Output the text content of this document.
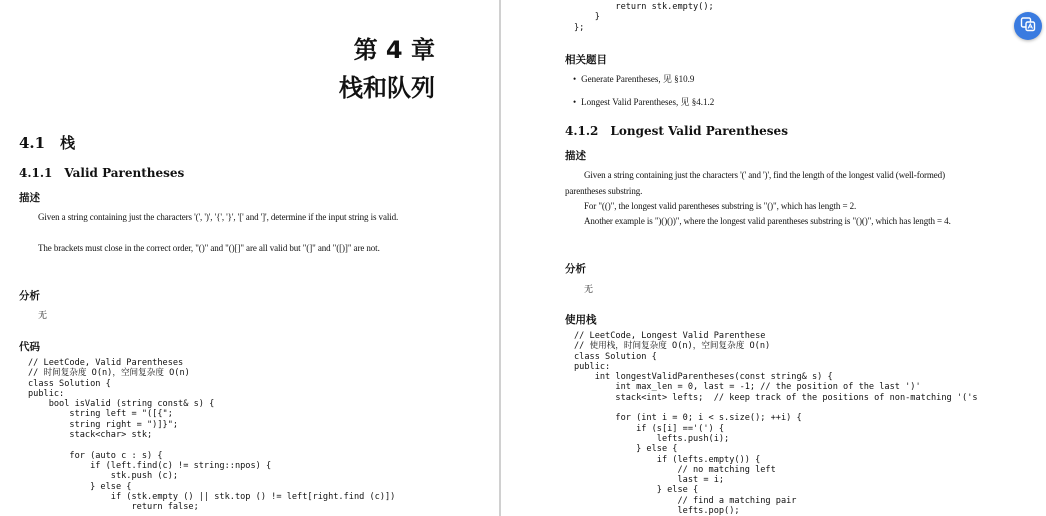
第 4 章
栈和队列
4.1　栈
4.1.1　Valid Parentheses
描述
Given a string containing just the characters '(', ')', '{', '}', '[' and ']', determine if the input string is valid.
The brackets must close in the correct order, "()" and "()[]" are all valid but "(]" and "([)]" are not.
分析
无
代码
// LeetCode, Valid Parentheses
// 时间复杂度 O(n)，空间复杂度 O(n)
class Solution {
public:
bool isValid (string const& s) {
string left = "([{";
string right = ")]}";
stack<char> stk;

for (auto c : s) {
if (left.find(c) != string::npos) {
stk.push (c);
} else {
if (stk.empty () || stk.top () != left[right.find (c)])
return false;
return stk.empty();
}
};
相关题目
• Generate Parentheses, 见 §10.9
• Longest Valid Parentheses, 见 §4.1.2
4.1.2　Longest Valid Parentheses
描述
Given a string containing just the characters '(' and ')', find the length of the longest valid (well-formed) parentheses substring.
For "(()", the longest valid parentheses substring is "()", which has length = 2.
Another example is ")()())", where the longest valid parentheses substring is "()()", which has length = 4.
分析
无
使用栈
// LeetCode, Longest Valid Parenthese
// 使用栈，时间复杂度 O(n)，空间复杂度 O(n)
class Solution {
public:
int longestValidParentheses(const string& s) {
int max_len = 0, last = -1; // the position of the last ')'
stack<int> lefts;  // keep track of the positions of non-matching '('s

for (int i = 0; i < s.size(); ++i) {
if (s[i] =='(') {
lefts.push(i);
} else {
if (lefts.empty()) {
// no matching left
last = i;
} else {
// find a matching pair
lefts.pop();
